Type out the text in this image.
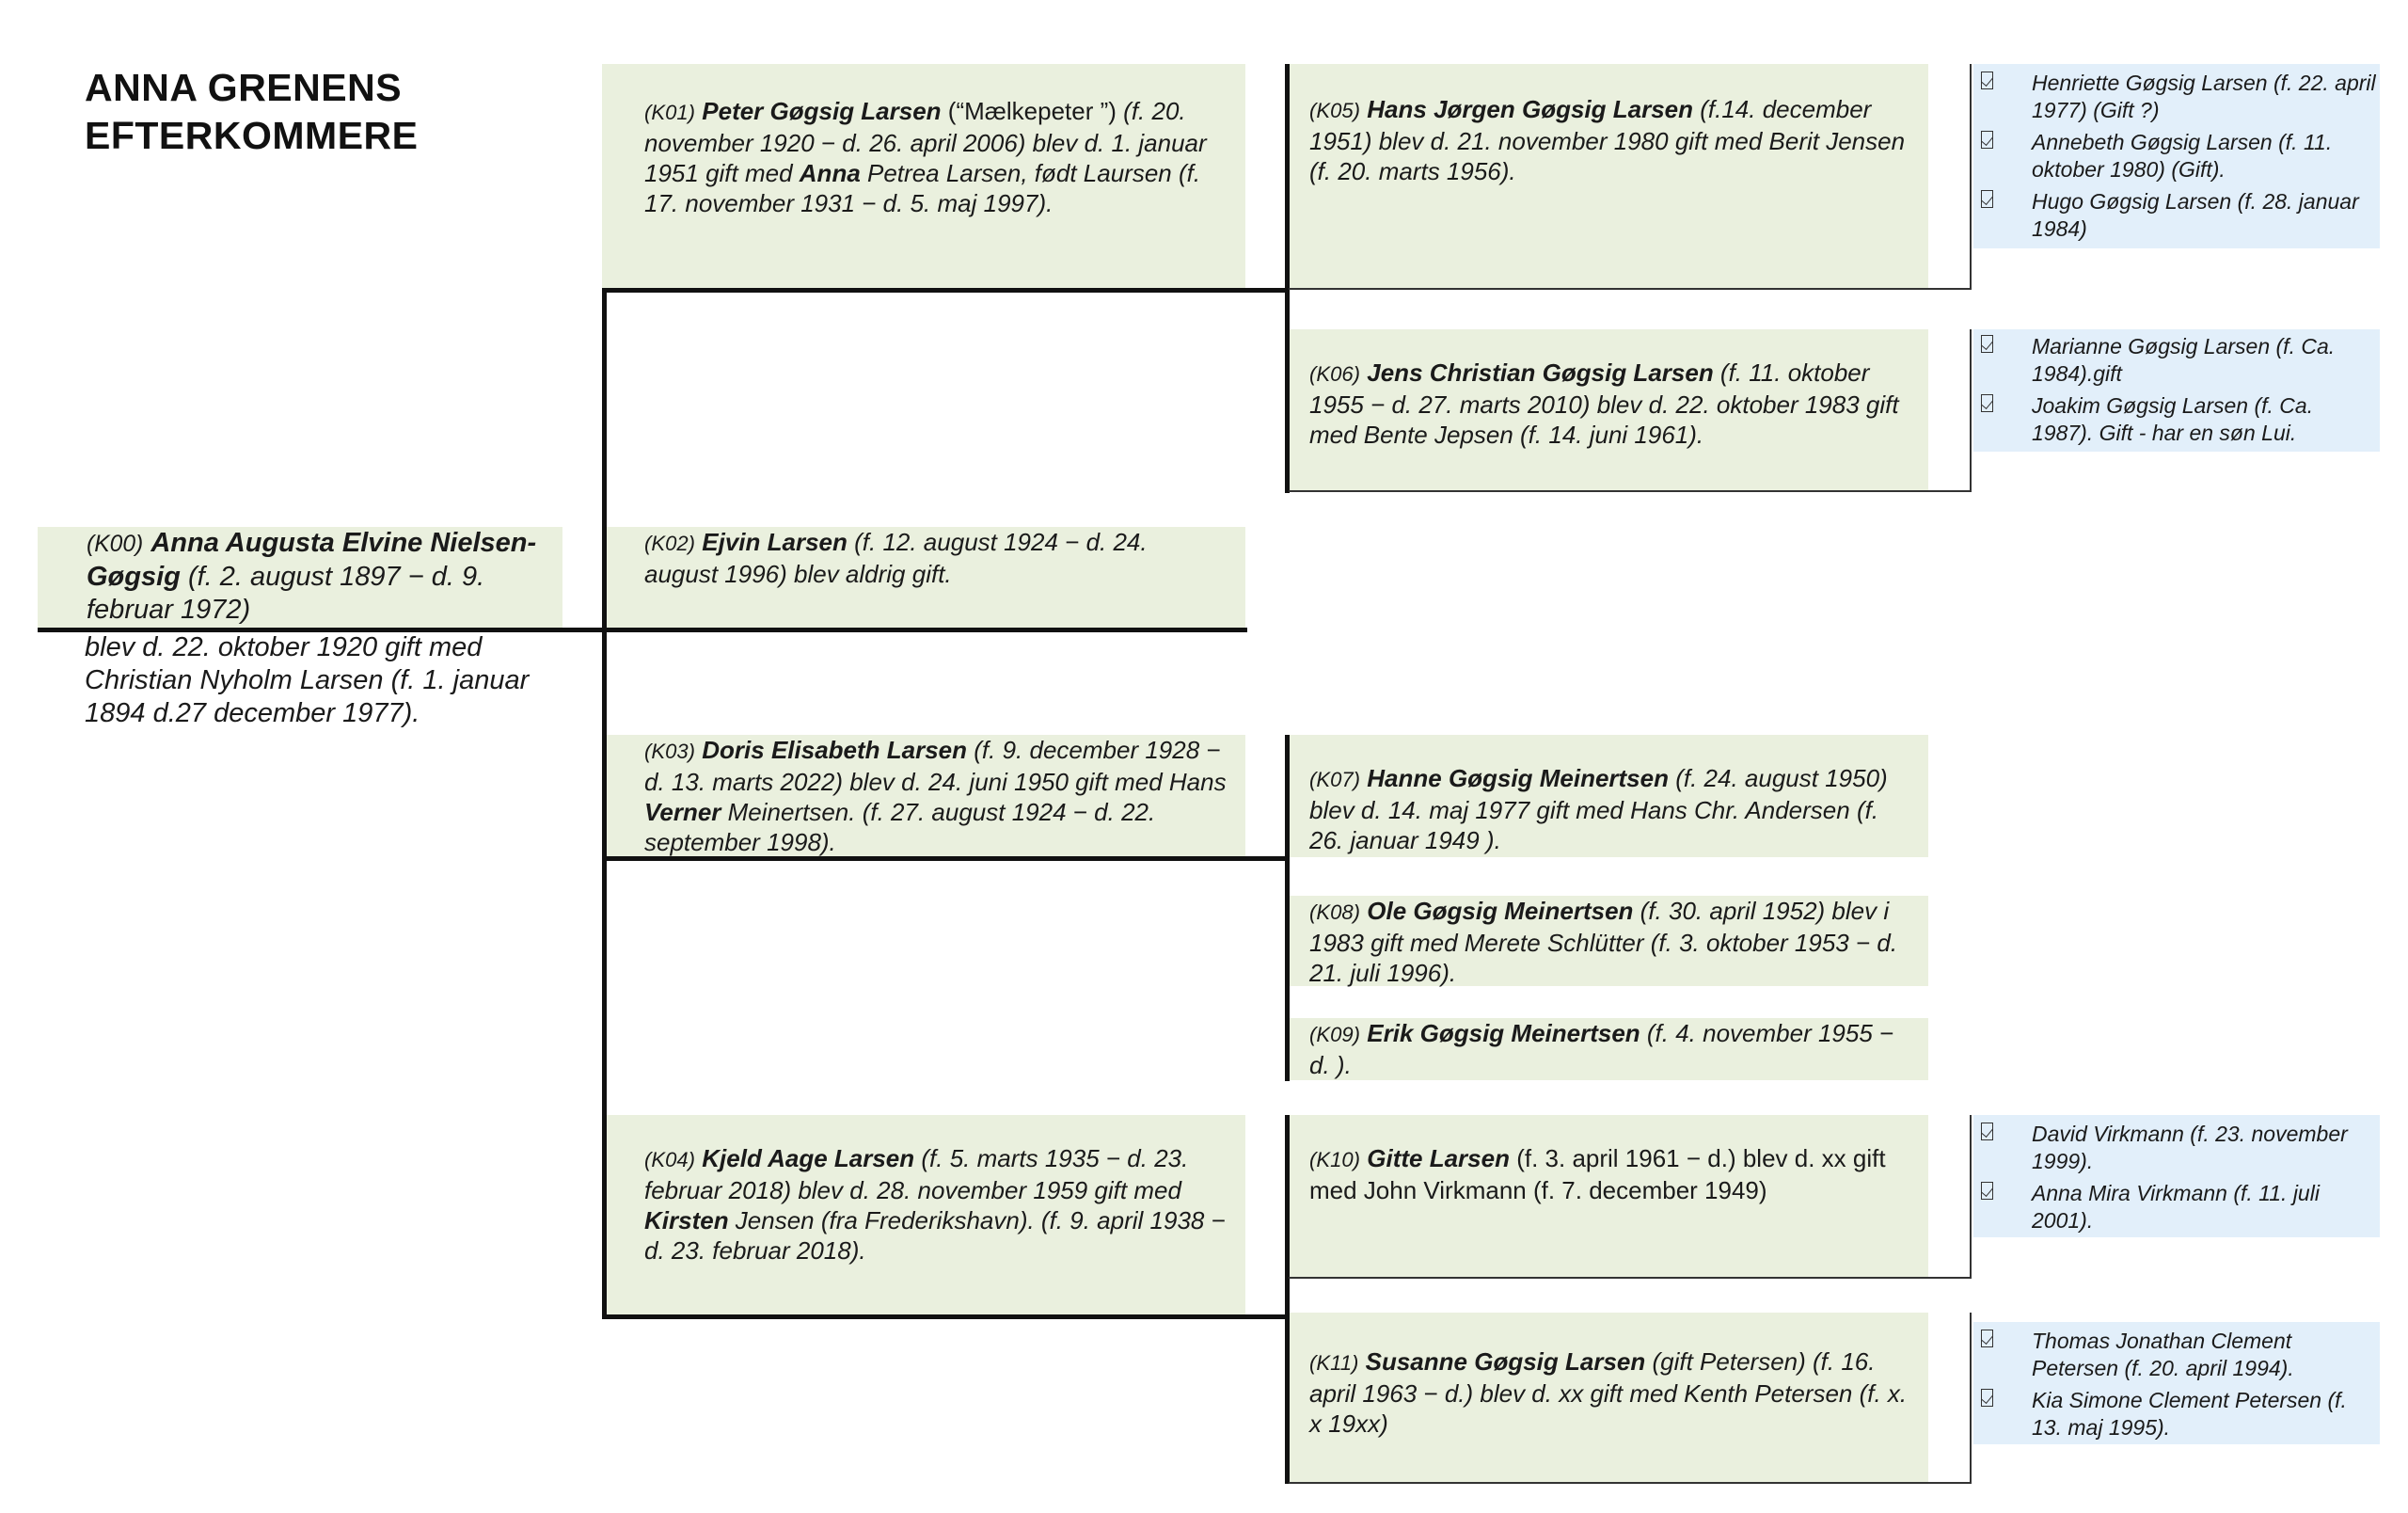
ANNA GRENENS
EFTERKOMMERE
(K00) Anna Augusta Elvine Nielsen-Gøgsig (f. 2. august 1897 − d. 9. februar 1972)
blev d. 22. oktober 1920 gift med Christian Nyholm Larsen (f. 1. januar 1894 d.27 december 1977).
(K01) Peter Gøgsig Larsen (“Mælkepeter ”) (f. 20. november 1920 − d. 26. april 2006) blev d. 1. januar 1951 gift med Anna Petrea Larsen, født Laursen (f. 17. november 1931 − d. 5. maj 1997).
(K02) Ejvin Larsen (f. 12. august 1924 − d. 24. august 1996) blev aldrig gift.
(K03) Doris Elisabeth Larsen (f. 9. december 1928 − d. 13. marts 2022) blev d. 24. juni 1950 gift med Hans Verner Meinertsen. (f. 27. august 1924 − d. 22. september 1998).
(K04) Kjeld Aage Larsen (f. 5. marts 1935 − d. 23. februar 2018) blev d. 28. november 1959 gift med Kirsten Jensen (fra Frederikshavn). (f. 9. april 1938 − d. 23. februar 2018).
(K05) Hans Jørgen Gøgsig Larsen (f.14. december 1951) blev d. 21. november 1980 gift med Berit Jensen (f. 20. marts 1956).
(K06) Jens Christian Gøgsig Larsen (f. 11. oktober 1955 − d. 27. marts 2010) blev d. 22. oktober 1983 gift med Bente Jepsen (f. 14. juni 1961).
(K07) Hanne Gøgsig Meinertsen (f. 24. august 1950) blev d. 14. maj 1977 gift med Hans Chr. Andersen (f. 26. januar 1949 ).
(K08) Ole Gøgsig Meinertsen (f. 30. april 1952) blev i 1983 gift med Merete Schlütter (f. 3. oktober 1953 − d. 21. juli 1996).
(K09) Erik Gøgsig Meinertsen (f. 4. november 1955 − d. ).
(K10) Gitte Larsen (f. 3. april 1961 − d.) blev d. xx gift med John Virkmann (f. 7. december 1949)
(K11) Susanne Gøgsig Larsen (gift Petersen) (f. 16. april 1963 − d.) blev d. xx gift med Kenth Petersen (f. x. x 19xx)
Henriette Gøgsig Larsen (f. 22. april 1977) (Gift ?)
Annebeth Gøgsig Larsen (f. 11. oktober 1980) (Gift).
Hugo Gøgsig Larsen (f. 28. januar 1984)
Marianne Gøgsig Larsen (f. Ca. 1984).gift
Joakim Gøgsig Larsen (f. Ca. 1987). Gift - har en søn Lui.
David Virkmann (f. 23. november 1999).
Anna Mira Virkmann (f. 11. juli 2001).
Thomas Jonathan Clement Petersen (f. 20. april 1994).
Kia Simone Clement Petersen (f. 13. maj 1995).
